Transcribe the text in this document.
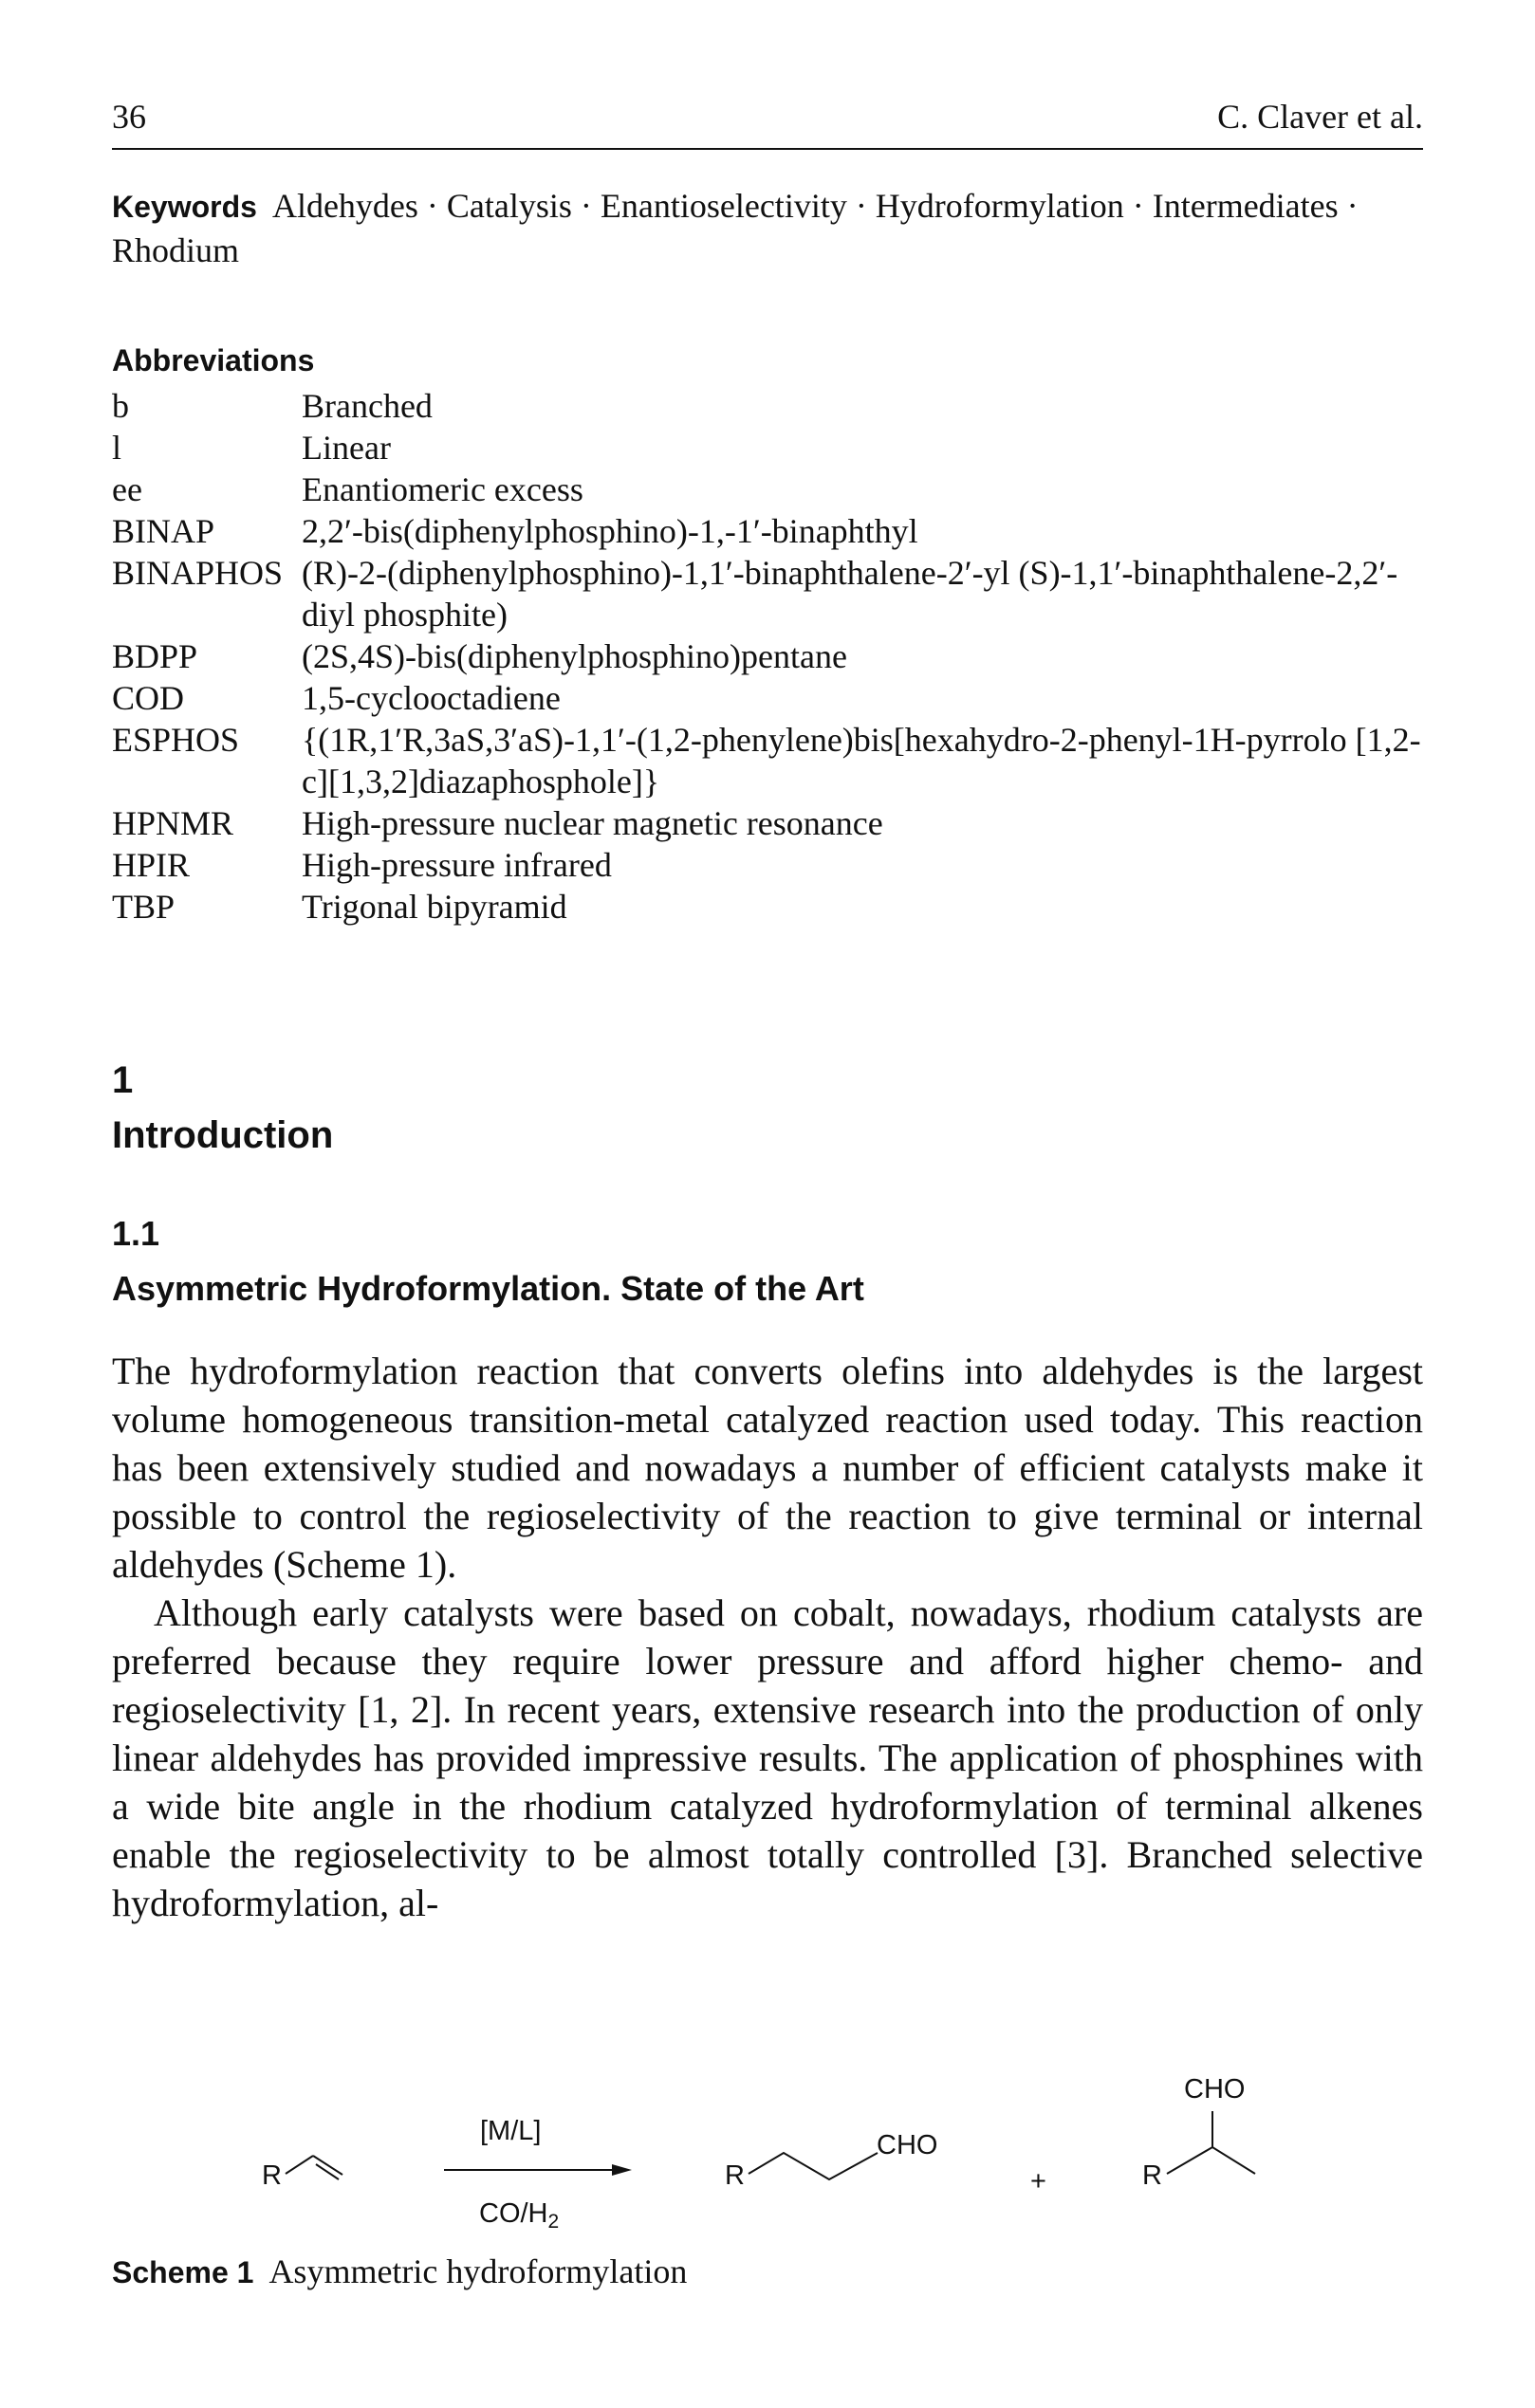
36	C. Claver et al.
Keywords Aldehydes · Catalysis · Enantioselectivity · Hydroformylation · Intermediates · Rhodium
Abbreviations
b	Branched
l	Linear
ee	Enantiomeric excess
BINAP	2,2′-bis(diphenylphosphino)-1,-1′-binaphthyl
BINAPHOS (R)-2-(diphenylphosphino)-1,1′-binaphthalene-2′-yl (S)-1,1′-binaphthalene-2,2′-diyl phosphite)
BDPP	(2S,4S)-bis(diphenylphosphino)pentane
COD	1,5-cyclooctadiene
ESPHOS	{(1R,1′R,3aS,3′aS)-1,1′-(1,2-phenylene)bis[hexahydro-2-phenyl-1H-pyrrolo [1,2-c][1,3,2]diazaphosphole]}
HPNMR	High-pressure nuclear magnetic resonance
HPIR	High-pressure infrared
TBP	Trigonal bipyramid
1
Introduction
1.1
Asymmetric Hydroformylation. State of the Art

The hydroformylation reaction that converts olefins into aldehydes is the largest volume homogeneous transition-metal catalyzed reaction used today. This reaction has been extensively studied and nowadays a number of efficient catalysts make it possible to control the regioselectivity of the reaction to give terminal or internal aldehydes (Scheme 1).

Although early catalysts were based on cobalt, nowadays, rhodium catalysts are preferred because they require lower pressure and afford higher chemo- and regioselectivity [1, 2]. In recent years, extensive research into the production of only linear aldehydes has provided impressive results. The application of phosphines with a wide bite angle in the rhodium catalyzed hydroformylation of terminal alkenes enable the regioselectivity to be almost totally controlled [3]. Branched selective hydroformylation, al-

R
[M/L]
$CO/H_2$
R
CHO
+	R
CHO
Scheme 1 Asymmetric hydroformylation
